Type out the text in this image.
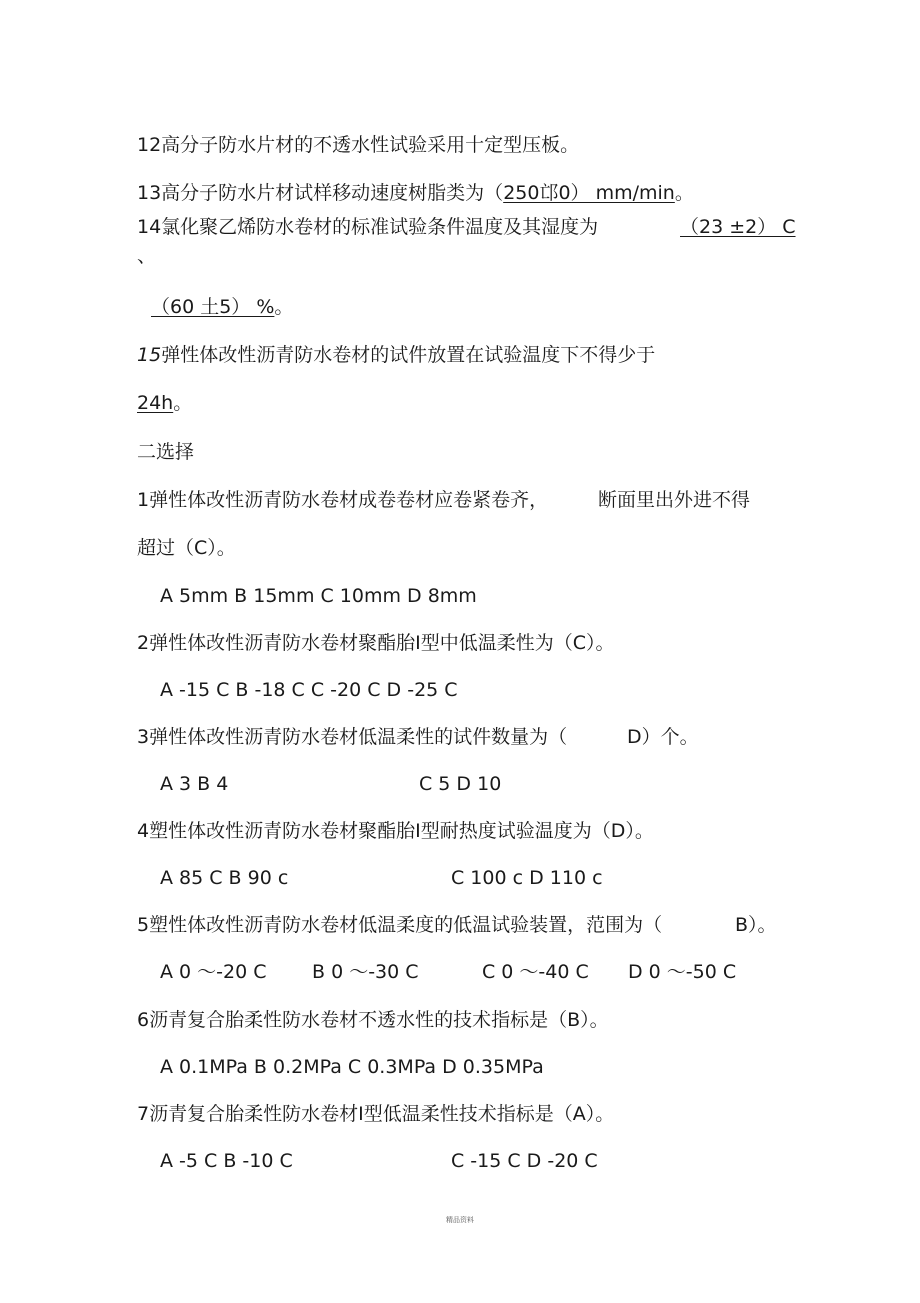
12高分子防水片材的不透水性试验采用十定型压板。
13高分子防水片材试样移动速度树脂类为（250邙0） mm/min。
14氯化聚乙烯防水卷材的标准试验条件温度及其湿度为	（23 ±2） C
、
（60 土5） %。
15弹性体改性沥青防水卷材的试件放置在试验温度下不得少于
24h。
二选择
1弹性体改性沥青防水卷材成卷卷材应卷紧卷齐，	断面里出外进不得
超过（C）。
A 5mm B 15mm C 10mm D 8mm
2弹性体改性沥青防水卷材聚酯胎I型中低温柔性为（C）。
A -15 C B -18 C C -20 C D -25 C
3弹性体改性沥青防水卷材低温柔性的试件数量为（	D）个。
A 3 B 4	C 5 D 10
4塑性体改性沥青防水卷材聚酯胎I型耐热度试验温度为（D）。
A 85 C B 90 c	C 100 c D 110 c
5塑性体改性沥青防水卷材低温柔度的低温试验装置，范围为（	B）。
A 0 〜-20 C B 0 〜-30 C	C 0 〜-40 C D 0 〜-50 C
6沥青复合胎柔性防水卷材不透水性的技术指标是（B）。
A 0.1MPa B 0.2MPa C 0.3MPa D 0.35MPa
7沥青复合胎柔性防水卷材I型低温柔性技术指标是（A）。
A -5 C B -10 C	C -15 C D -20 C
精品资料
